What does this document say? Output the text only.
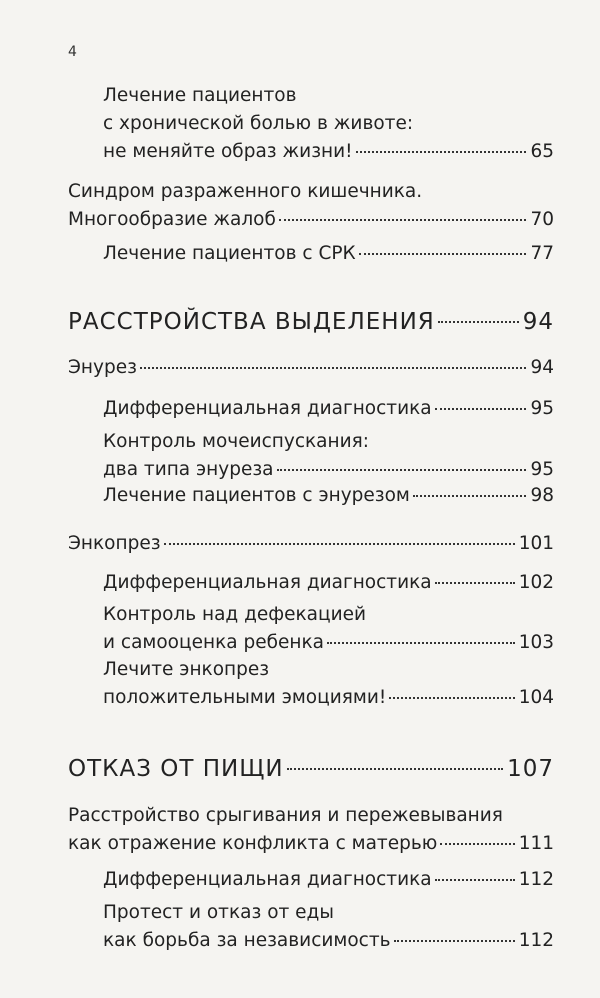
4
Лечение пациентов
с хронической болью в животе:
не меняйте образ жизни!	65
Синдром разраженного кишечника.
Многообразие жалоб	70
Лечение пациентов с СРК	77
РАССТРОЙСТВА ВЫДЕЛЕНИЯ	94
Энурез	94
Дифференциальная диагностика	95
Контроль мочеиспускания:
два типа энуреза	95
Лечение пациентов с энурезом	98
Энкопрез	101
Дифференциальная диагностика	102
Контроль над дефекацией
и самооценка ребенка	103
Лечите энкопрез
положительными эмоциями!	104
ОТКАЗ ОТ ПИЩИ	107
Расстройство срыгивания и пережевывания
как отражение конфликта с матерью	111
Дифференциальная диагностика	112
Протест и отказ от еды
как борьба за независимость	112
